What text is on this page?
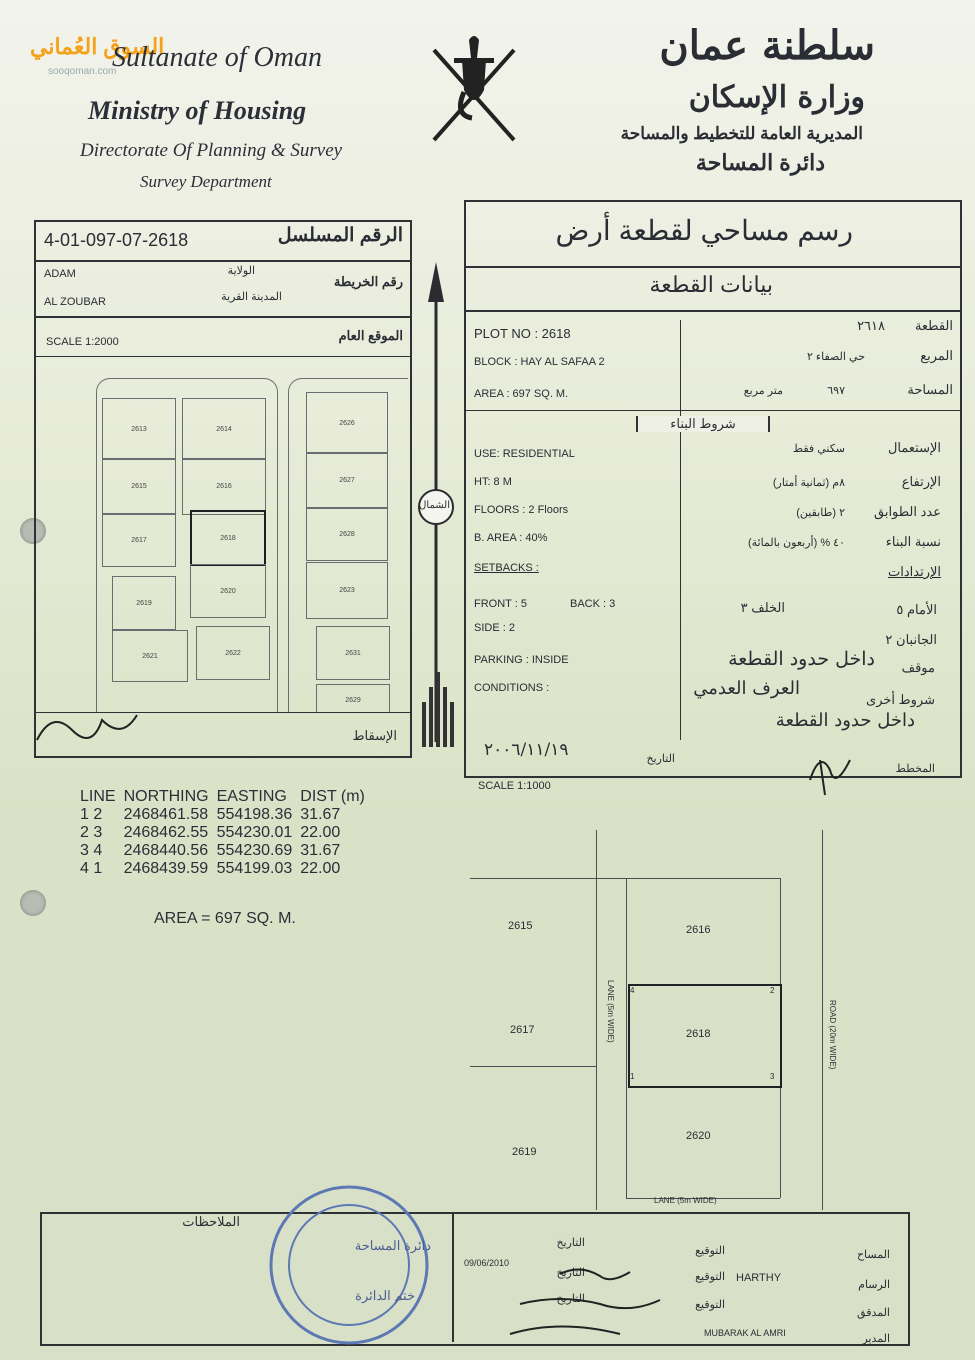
السوق العُماني
sooqoman.com
Sultanate of Oman
Ministry of Housing
Directorate Of Planning & Survey
Survey Department
سلطنة عمان
وزارة الإسكان
المديرية العامة للتخطيط والمساحة
دائرة المساحة
الشمال
4-01-097-07-2618	الرقم المسلسل
ADAM
AL ZOUBAR
الولاية
المدينة القرية
رقم الخريطة
SCALE 1:2000	الموقع العام
2613	2614
2626
2615	2616
2627
2617	2618
2628
2619
2620	2623
2621	2622	2631
2629
الإسقاط
رسم مساحي لقطعة أرض
بيانات القطعة
PLOT NO : 2618
BLOCK : HAY AL SAFAA 2
AREA : 697 SQ. M.
القطعة
٢٦١٨
المربع
حي الصفاء ٢
المساحة
٦٩٧
متر مربع
شروط البناء
USE: RESIDENTIAL
HT: 8 M
FLOORS : 2 Floors
B. AREA : 40%
SETBACKS :
الإستعمال
سكني فقط
الإرتفاع
٨م (ثمانية أمتار)
عدد الطوابق
٢ (طابقين)
نسبة البناء
٤٠ % (أربعون بالمائة)
الإرتدادات
FRONT : 5	BACK : 3
SIDE : 2
الأمام ٥
الخلف ٣
الجانبان ٢
PARKING : INSIDE	موقف
داخل حدود القطعة
CONDITIONS :
شروط أخرى
العرف العدمي
داخل حدود القطعة
٢٠٠٦/١١/١٩	التاريخ
المخطط
LINE	NORTHING	EASTING	DIST (m)
1 2	2468461.58	554198.36	31.67
2 3	2468462.55	554230.01	22.00
3 4	2468440.56	554230.69	31.67
4 1	2468439.59	554199.03	22.00
AREA = 697 SQ. M.
SCALE 1:1000
2615	2616
2617	2618
2619
2620
LANE (5m WIDE)
LANE (5m WIDE)
ROAD (20m WIDE)
1
2
3
4
الملاحظات
دائرة المساحة
ختم الدائرة
المساح
التوقيع
التاريخ
الرسام
التوقيع
التاريخ	HARTHY
09/06/2010
المدقق
التوقيع
التاريخ
المدير
MUBARAK AL AMRI
